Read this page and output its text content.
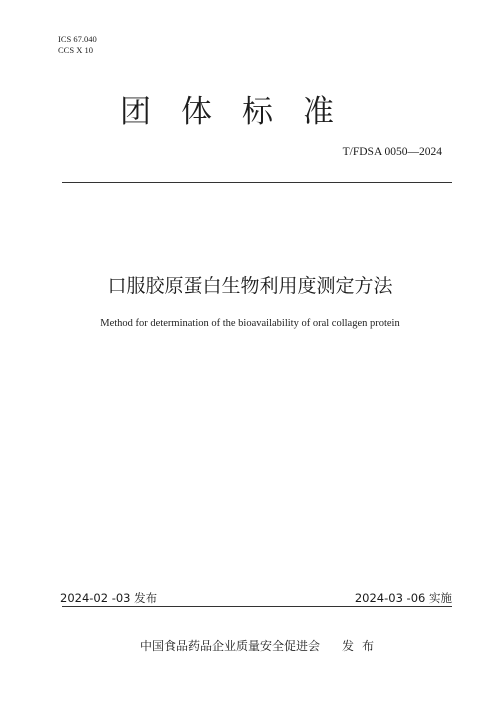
ICS 67.040
CCS X 10
团体标准
T/FDSA 0050—2024
口服胶原蛋白生物利用度测定方法
Method for determination of the bioavailability of oral collagen protein
2024-02 -03 发布	2024-03 -06 实施
中国食品药品企业质量安全促进会 发布
